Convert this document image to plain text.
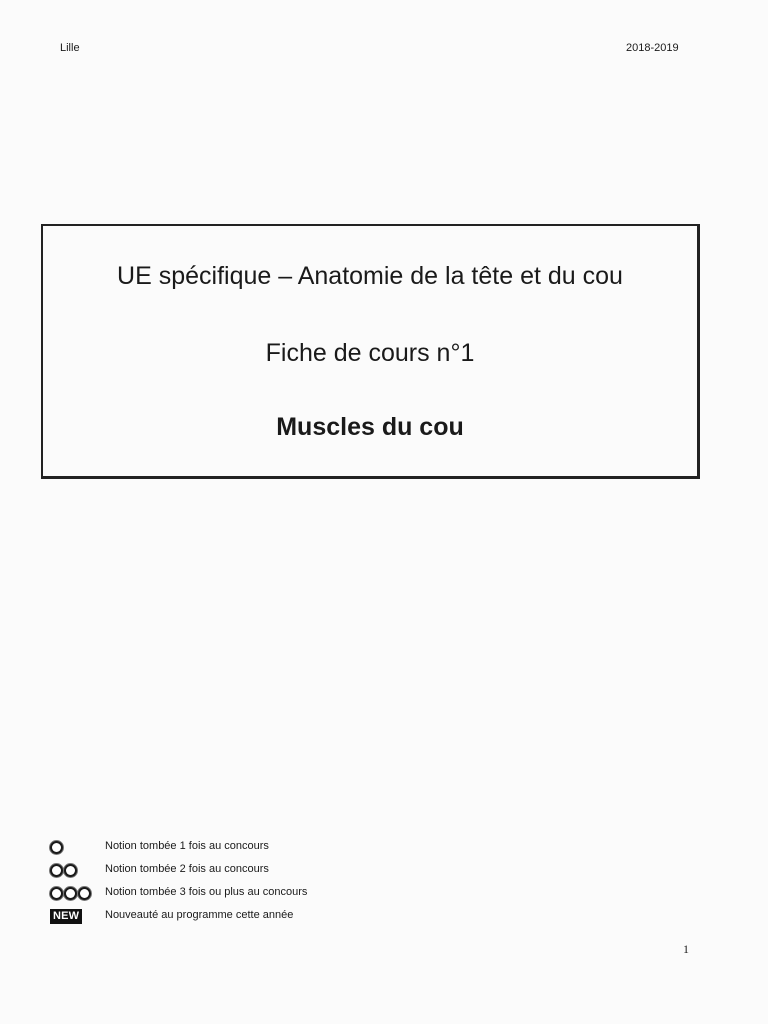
Lille	2018-2019
UE spécifique – Anatomie de la tête et du cou
Fiche de cours n°1
Muscles du cou
Notion tombée 1 fois au concours
Notion tombée 2 fois au concours
Notion tombée 3 fois ou plus au concours
NEW Nouveauté au programme cette année
1
